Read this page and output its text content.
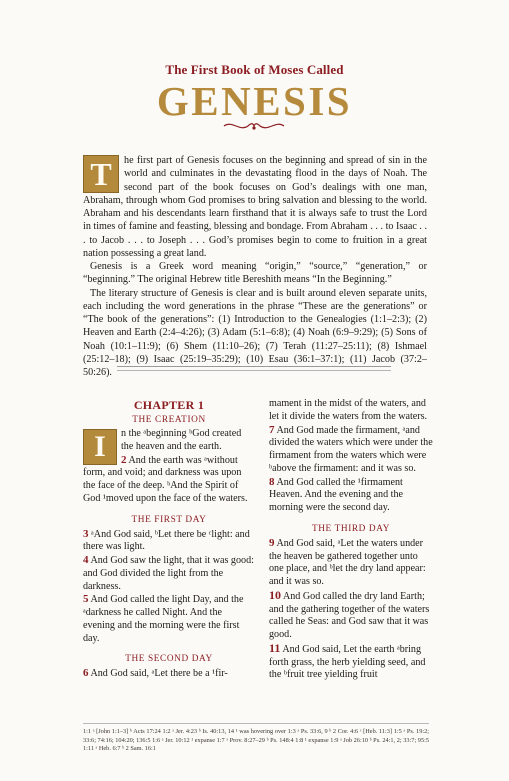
The First Book of Moses Called
GENESIS

T	he first part of Genesis focuses on the beginning and spread of sin in the world and culminates in the devastating flood in the days of Noah. The second part of the book focuses on God’s dealings with one man, Abraham, through whom God promises to bring salvation and blessing to the world. Abraham and his descendants learn firsthand that it is always safe to trust the Lord in times of famine and feasting, blessing and bondage. From Abraham . . . to Isaac . . . to Jacob . . . to Joseph . . . God’s promises begin to come to fruition in a great nation possessing a great land.

Genesis is a Greek word meaning “origin,” “source,” “generation,” or “beginning.” The original Hebrew title Bereshith means “In the Beginning.”

The literary structure of Genesis is clear and is built around eleven separate units, each including the word generations in the phrase “These are the generations” or “The book of the generations”: (1) Introduction to the Genealogies (1:1–2:3); (2) Heaven and Earth (2:4–4:26); (3) Adam (5:1–6:8); (4) Noah (6:9–9:29); (5) Sons of Noah (10:1–11:9); (6) Shem (11:10–26); (7) Terah (11:27–25:11); (8) Ishmael (25:12–18); (9) Isaac (25:19–35:29); (10) Esau (36:1–37:1); (11) Jacob (37:2–50:26).

CHAPTER 1
THE CREATION

I	n the ᵃbeginning ᵇGod created the heaven and the earth.

2 And the earth was ᵃwithout form, and void; and darkness was upon the face of the deep. ᵇAnd the Spirit of God ¹moved upon the face of the waters.

THE FIRST DAY

3 ᵃAnd God said, ᵇLet there be ᶜlight: and there was light.

4 And God saw the light, that it was good: and God divided the light from the darkness.

5 And God called the light Day, and the ᵃdarkness he called Night. And the evening and the morning were the first day.

THE SECOND DAY

6 And God said, ᵃLet there be a ¹fir-

mament in the midst of the waters, and let it divide the waters from the waters.

7 And God made the firmament, ᵃand divided the waters which were under the firmament from the waters which were ᵇabove the firmament: and it was so.

8 And God called the ¹firmament Heaven. And the evening and the morning were the second day.

THE THIRD DAY

9 And God said, ᵃLet the waters under the heaven be gathered together unto one place, and ᵇlet the dry land appear: and it was so.

10 And God called the dry land Earth; and the gathering together of the waters called he Seas: and God saw that it was good.

11 And God said, Let the earth ᵃbring forth grass, the herb yielding seed, and the ᵇfruit tree yielding fruit

1:1 ᵃ [John 1:1–3] ᵇ Acts 17:24 1:2 ᵃ Jer. 4:23 ᵇ Is. 40:13, 14 ¹ was hovering over 1:3 ᵃ Ps. 33:6, 9 ᵇ 2 Cor. 4:6 ᶜ [Heb. 11:3] 1:5 ᵃ Ps. 19:2; 33:6; 74:16; 104:20; 136:5 1:6 ᵃ Jer. 10:12 ¹ expanse 1:7 ᵃ Prov. 8:27–29 ᵇ Ps. 148:4 1:8 ¹ expanse 1:9 ᵃ Job 26:10 ᵇ Ps. 24:1, 2; 33:7; 95:5 1:11 ᵃ Heb. 6:7 ᵇ 2 Sam. 16:1
